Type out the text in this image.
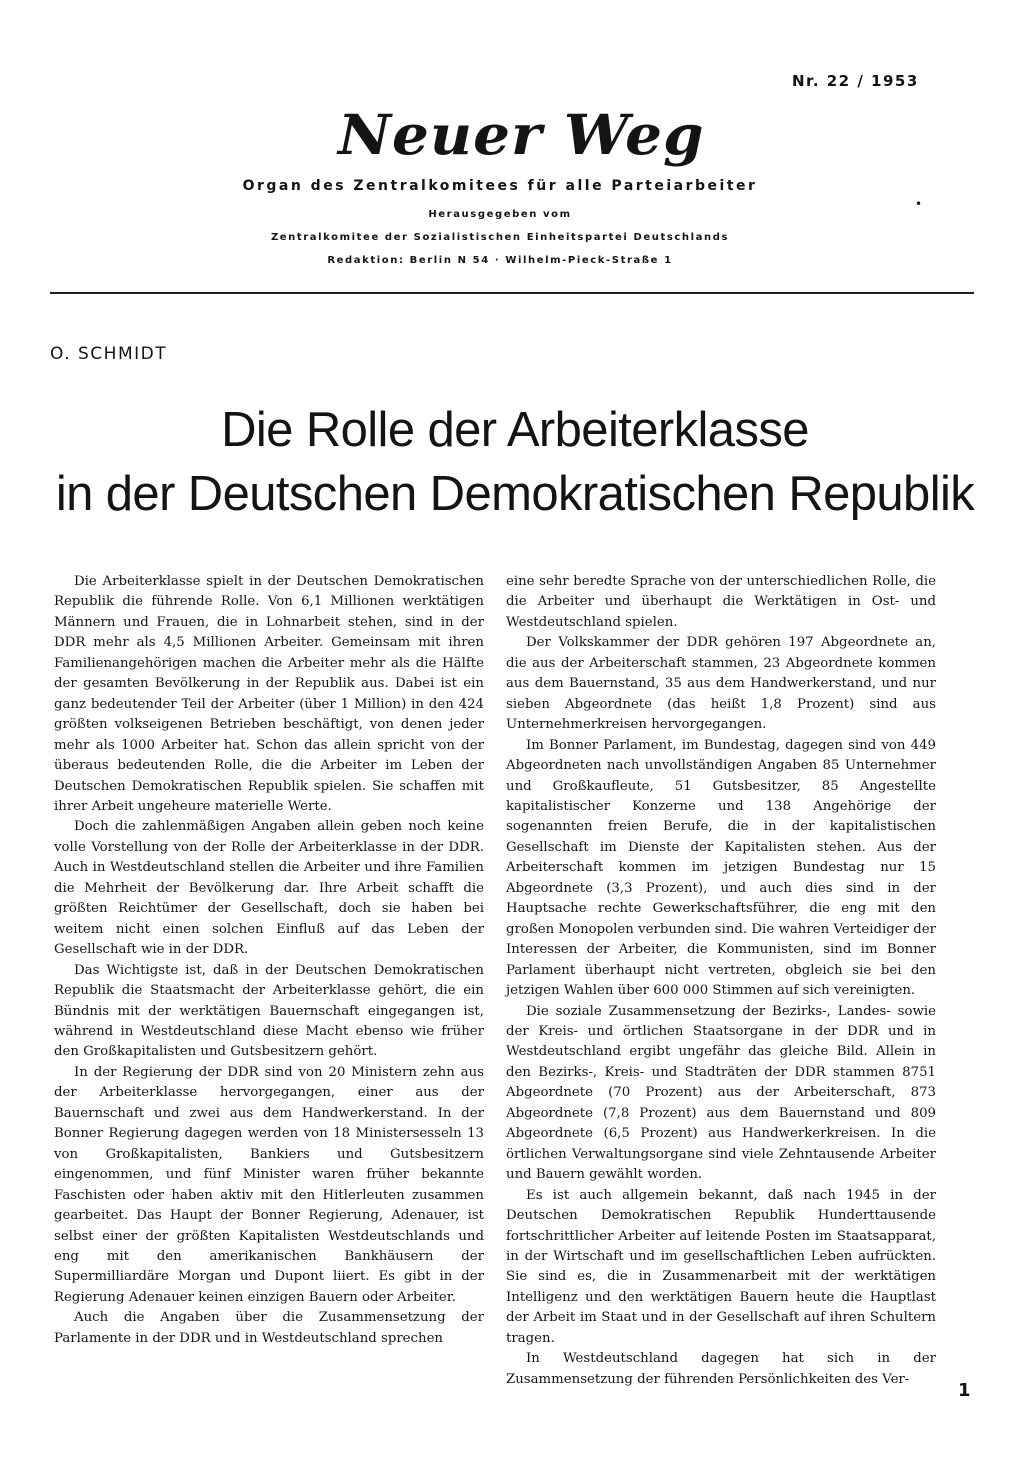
Nr. 22 / 1953
Neuer Weg
Organ des Zentralkomitees für alle Parteiarbeiter
Herausgegeben vom
Zentralkomitee der Sozialistischen Einheitspartei Deutschlands
Redaktion: Berlin N 54 · Wilhelm-Pieck-Straße 1
•
O. SCHMIDT
Die Rolle der Arbeiterklasse
in der Deutschen Demokratischen Republik

Die Arbeiterklasse spielt in der Deutschen Demokratischen Republik die führende Rolle. Von 6,1 Millionen werktätigen Männern und Frauen, die in Lohnarbeit stehen, sind in der DDR mehr als 4,5 Millionen Arbeiter. Gemeinsam mit ihren Familienangehörigen machen die Arbeiter mehr als die Hälfte der gesamten Bevölkerung in der Republik aus. Dabei ist ein ganz bedeutender Teil der Arbeiter (über 1 Million) in den 424 größten volkseigenen Betrieben beschäftigt, von denen jeder mehr als 1000 Arbeiter hat. Schon das allein spricht von der überaus bedeutenden Rolle, die die Arbeiter im Leben der Deutschen Demokratischen Republik spielen. Sie schaffen mit ihrer Arbeit ungeheure materielle Werte.

Doch die zahlenmäßigen Angaben allein geben noch keine volle Vorstellung von der Rolle der Arbeiterklasse in der DDR. Auch in Westdeutschland stellen die Arbeiter und ihre Familien die Mehrheit der Bevölkerung dar. Ihre Arbeit schafft die größten Reichtümer der Gesellschaft, doch sie haben bei weitem nicht einen solchen Einfluß auf das Leben der Gesellschaft wie in der DDR.

Das Wichtigste ist, daß in der Deutschen Demokratischen Republik die Staatsmacht der Arbeiterklasse gehört, die ein Bündnis mit der werktätigen Bauernschaft eingegangen ist, während in Westdeutschland diese Macht ebenso wie früher den Großkapitalisten und Gutsbesitzern gehört.

In der Regierung der DDR sind von 20 Ministern zehn aus der Arbeiterklasse hervorgegangen, einer aus der Bauernschaft und zwei aus dem Handwerkerstand. In der Bonner Regierung dagegen werden von 18 Ministersesseln 13 von Großkapitalisten, Bankiers und Gutsbesitzern eingenommen, und fünf Minister waren früher bekannte Faschisten oder haben aktiv mit den Hitlerleuten zusammen gearbeitet. Das Haupt der Bonner Regierung, Adenauer, ist selbst einer der größten Kapitalisten Westdeutschlands und eng mit den amerikanischen Bankhäusern der Supermilliardäre Morgan und Dupont liiert. Es gibt in der Regierung Adenauer keinen einzigen Bauern oder Arbeiter.

Auch die Angaben über die Zusammensetzung der Parlamente in der DDR und in Westdeutschland sprechen

eine sehr beredte Sprache von der unterschiedlichen Rolle, die die Arbeiter und überhaupt die Werktätigen in Ost- und Westdeutschland spielen.

Der Volkskammer der DDR gehören 197 Abgeordnete an, die aus der Arbeiterschaft stammen, 23 Abgeordnete kommen aus dem Bauernstand, 35 aus dem Handwerkerstand, und nur sieben Abgeordnete (das heißt 1,8 Prozent) sind aus Unternehmerkreisen hervorgegangen.

Im Bonner Parlament, im Bundestag, dagegen sind von 449 Abgeordneten nach unvollständigen Angaben 85 Unternehmer und Großkaufleute, 51 Gutsbesitzer, 85 Angestellte kapitalistischer Konzerne und 138 Angehörige der sogenannten freien Berufe, die in der kapitalistischen Gesellschaft im Dienste der Kapitalisten stehen. Aus der Arbeiterschaft kommen im jetzigen Bundestag nur 15 Abgeordnete (3,3 Prozent), und auch dies sind in der Hauptsache rechte Gewerkschaftsführer, die eng mit den großen Monopolen verbunden sind. Die wahren Verteidiger der Interessen der Arbeiter, die Kommunisten, sind im Bonner Parlament überhaupt nicht vertreten, obgleich sie bei den jetzigen Wahlen über 600 000 Stimmen auf sich vereinigten.

Die soziale Zusammensetzung der Bezirks-, Landes- sowie der Kreis- und örtlichen Staatsorgane in der DDR und in Westdeutschland ergibt ungefähr das gleiche Bild. Allein in den Bezirks-, Kreis- und Stadträten der DDR stammen 8751 Abgeordnete (70 Prozent) aus der Arbeiterschaft, 873 Abgeordnete (7,8 Prozent) aus dem Bauernstand und 809 Abgeordnete (6,5 Prozent) aus Handwerkerkreisen. In die örtlichen Verwaltungsorgane sind viele Zehntausende Arbeiter und Bauern gewählt worden.

Es ist auch allgemein bekannt, daß nach 1945 in der Deutschen Demokratischen Republik Hunderttausende fortschrittlicher Arbeiter auf leitende Posten im Staatsapparat, in der Wirtschaft und im gesellschaftlichen Leben aufrückten. Sie sind es, die in Zusammenarbeit mit der werktätigen Intelligenz und den werktätigen Bauern heute die Hauptlast der Arbeit im Staat und in der Gesellschaft auf ihren Schultern tragen.

In Westdeutschland dagegen hat sich in der Zusammensetzung der führenden Persönlichkeiten des Ver-

1
